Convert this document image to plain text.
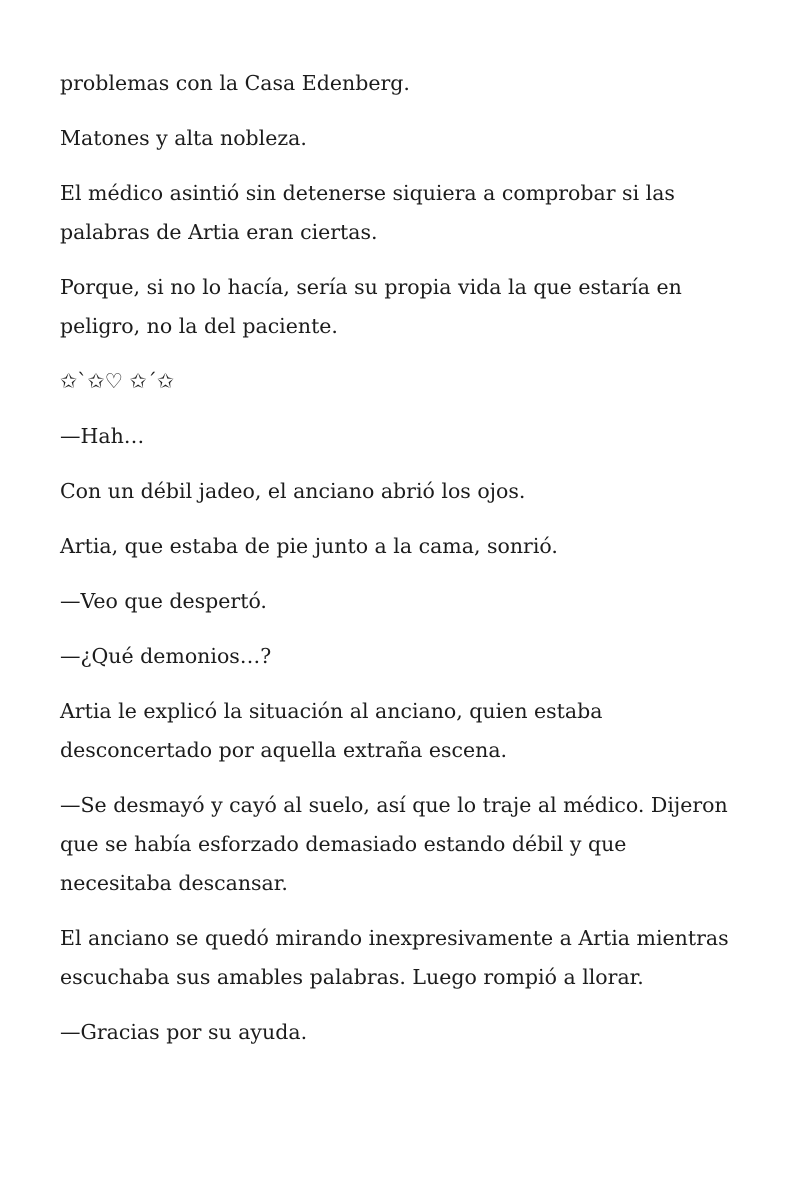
problemas con la Casa Edenberg.

Matones y alta nobleza.

El médico asintió sin detenerse siquiera a comprobar si las palabras de Artia eran ciertas.

Porque, si no lo hacía, sería su propia vida la que estaría en peligro, no la del paciente.

✩ˋ✩♡ ✩´✩

—Hah…

Con un débil jadeo, el anciano abrió los ojos.

Artia, que estaba de pie junto a la cama, sonrió.

—Veo que despertó.

—¿Qué demonios…?

Artia le explicó la situación al anciano, quien estaba desconcertado por aquella extraña escena.

—Se desmayó y cayó al suelo, así que lo traje al médico. Dijeron que se había esforzado demasiado estando débil y que necesitaba descansar.

El anciano se quedó mirando inexpresivamente a Artia mientras escuchaba sus amables palabras. Luego rompió a llorar.

—Gracias por su ayuda.
